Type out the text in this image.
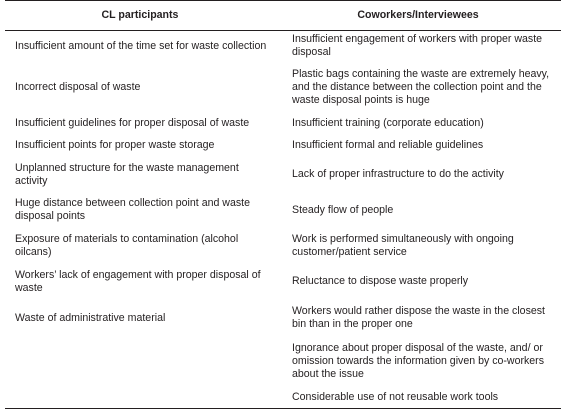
CL participants	Coworkers/Interviewees
Insufficient amount of the time set for waste collection	Insufficient engagement of workers with proper waste disposal
Incorrect disposal of waste	Plastic bags containing the waste are extremely heavy, and the distance between the collection point and the waste disposal points is huge
Insufficient guidelines for proper disposal of waste	Insufficient training (corporate education)
Insufficient points for proper waste storage	Insufficient formal and reliable guidelines
Unplanned structure for the waste management activity	Lack of proper infrastructure to do the activity
Huge distance between collection point and waste disposal points	Steady flow of people
Exposure of materials to contamination (alcohol oilcans)	Work is performed simultaneously with ongoing customer/patient service
Workers’ lack of engagement with proper disposal of waste	Reluctance to dispose waste properly
Waste of administrative material	Workers would rather dispose the waste in the closest bin than in the proper one
	Ignorance about proper disposal of the waste, and/ or omission towards the information given by co-workers about the issue
	Considerable use of not reusable work tools
